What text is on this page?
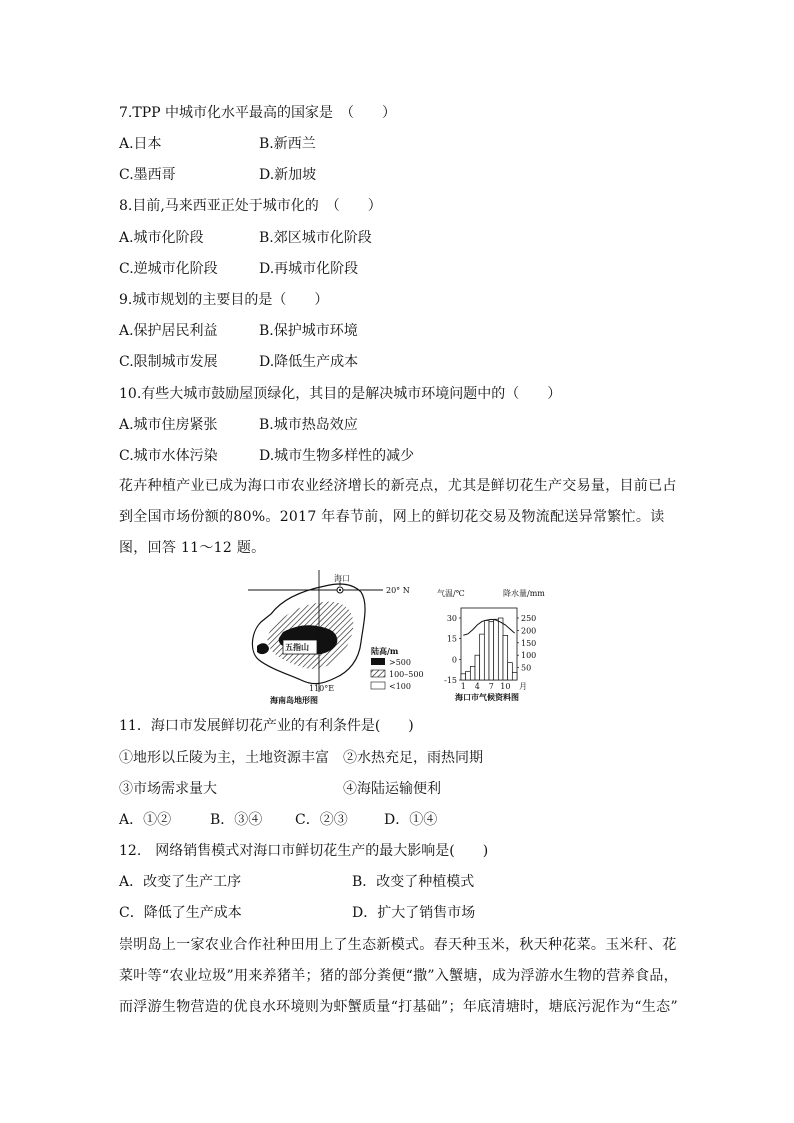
7.TPP 中城市化水平最高的国家是　（　　）
A.日本	B.新西兰
C.墨西哥	D.新加坡
8.目前,马来西亚正处于城市化的　（　　）
A.城市化阶段	B.郊区城市化阶段
C.逆城市化阶段	D.再城市化阶段
9.城市规划的主要目的是（　　）
A.保护居民利益	B.保护城市环境
C.限制城市发展	D.降低生产成本
10.有些大城市鼓励屋顶绿化，其目的是解决城市环境问题中的（　　）
A.城市住房紧张	B.城市热岛效应
C.城市水体污染	D.城市生物多样性的减少
花卉种植产业已成为海口市农业经济增长的新亮点，尤其是鲜切花生产交易量，目前已占到全国市场份额的80%。2017 年春节前，网上的鲜切花交易及物流配送异常繁忙。读图，回答 11～12 题。
五指山
海口
20° N
110°E
陆高/m
>500
100–500
<100
海南岛地形图
气温/℃	降水量/mm
30
15
0
-15
250
200
150
100
50
1 4 7 10 月
海口市气候资料图
11．海口市发展鲜切花产业的有利条件是(　　)
①地形以丘陵为主，土地资源丰富 ②水热充足，雨热同期
③市场需求量大	④海陆运输便利
A．①②	B．③④ C．②③	D．①④
12.　网络销售模式对海口市鲜切花生产的最大影响是(　　)
A．改变了生产工序	B．改变了种植模式
C．降低了生产成本	D．扩大了销售市场
崇明岛上一家农业合作社种田用上了生态新模式。春天种玉米，秋天种花菜。玉米秆、花菜叶等“农业垃圾”用来养猪羊；猪的部分粪便“撒”入蟹塘，成为浮游水生物的营养食品，而浮游生物营造的优良水环境则为虾蟹质量“打基础”；年底清塘时，塘底污泥作为“生态”
